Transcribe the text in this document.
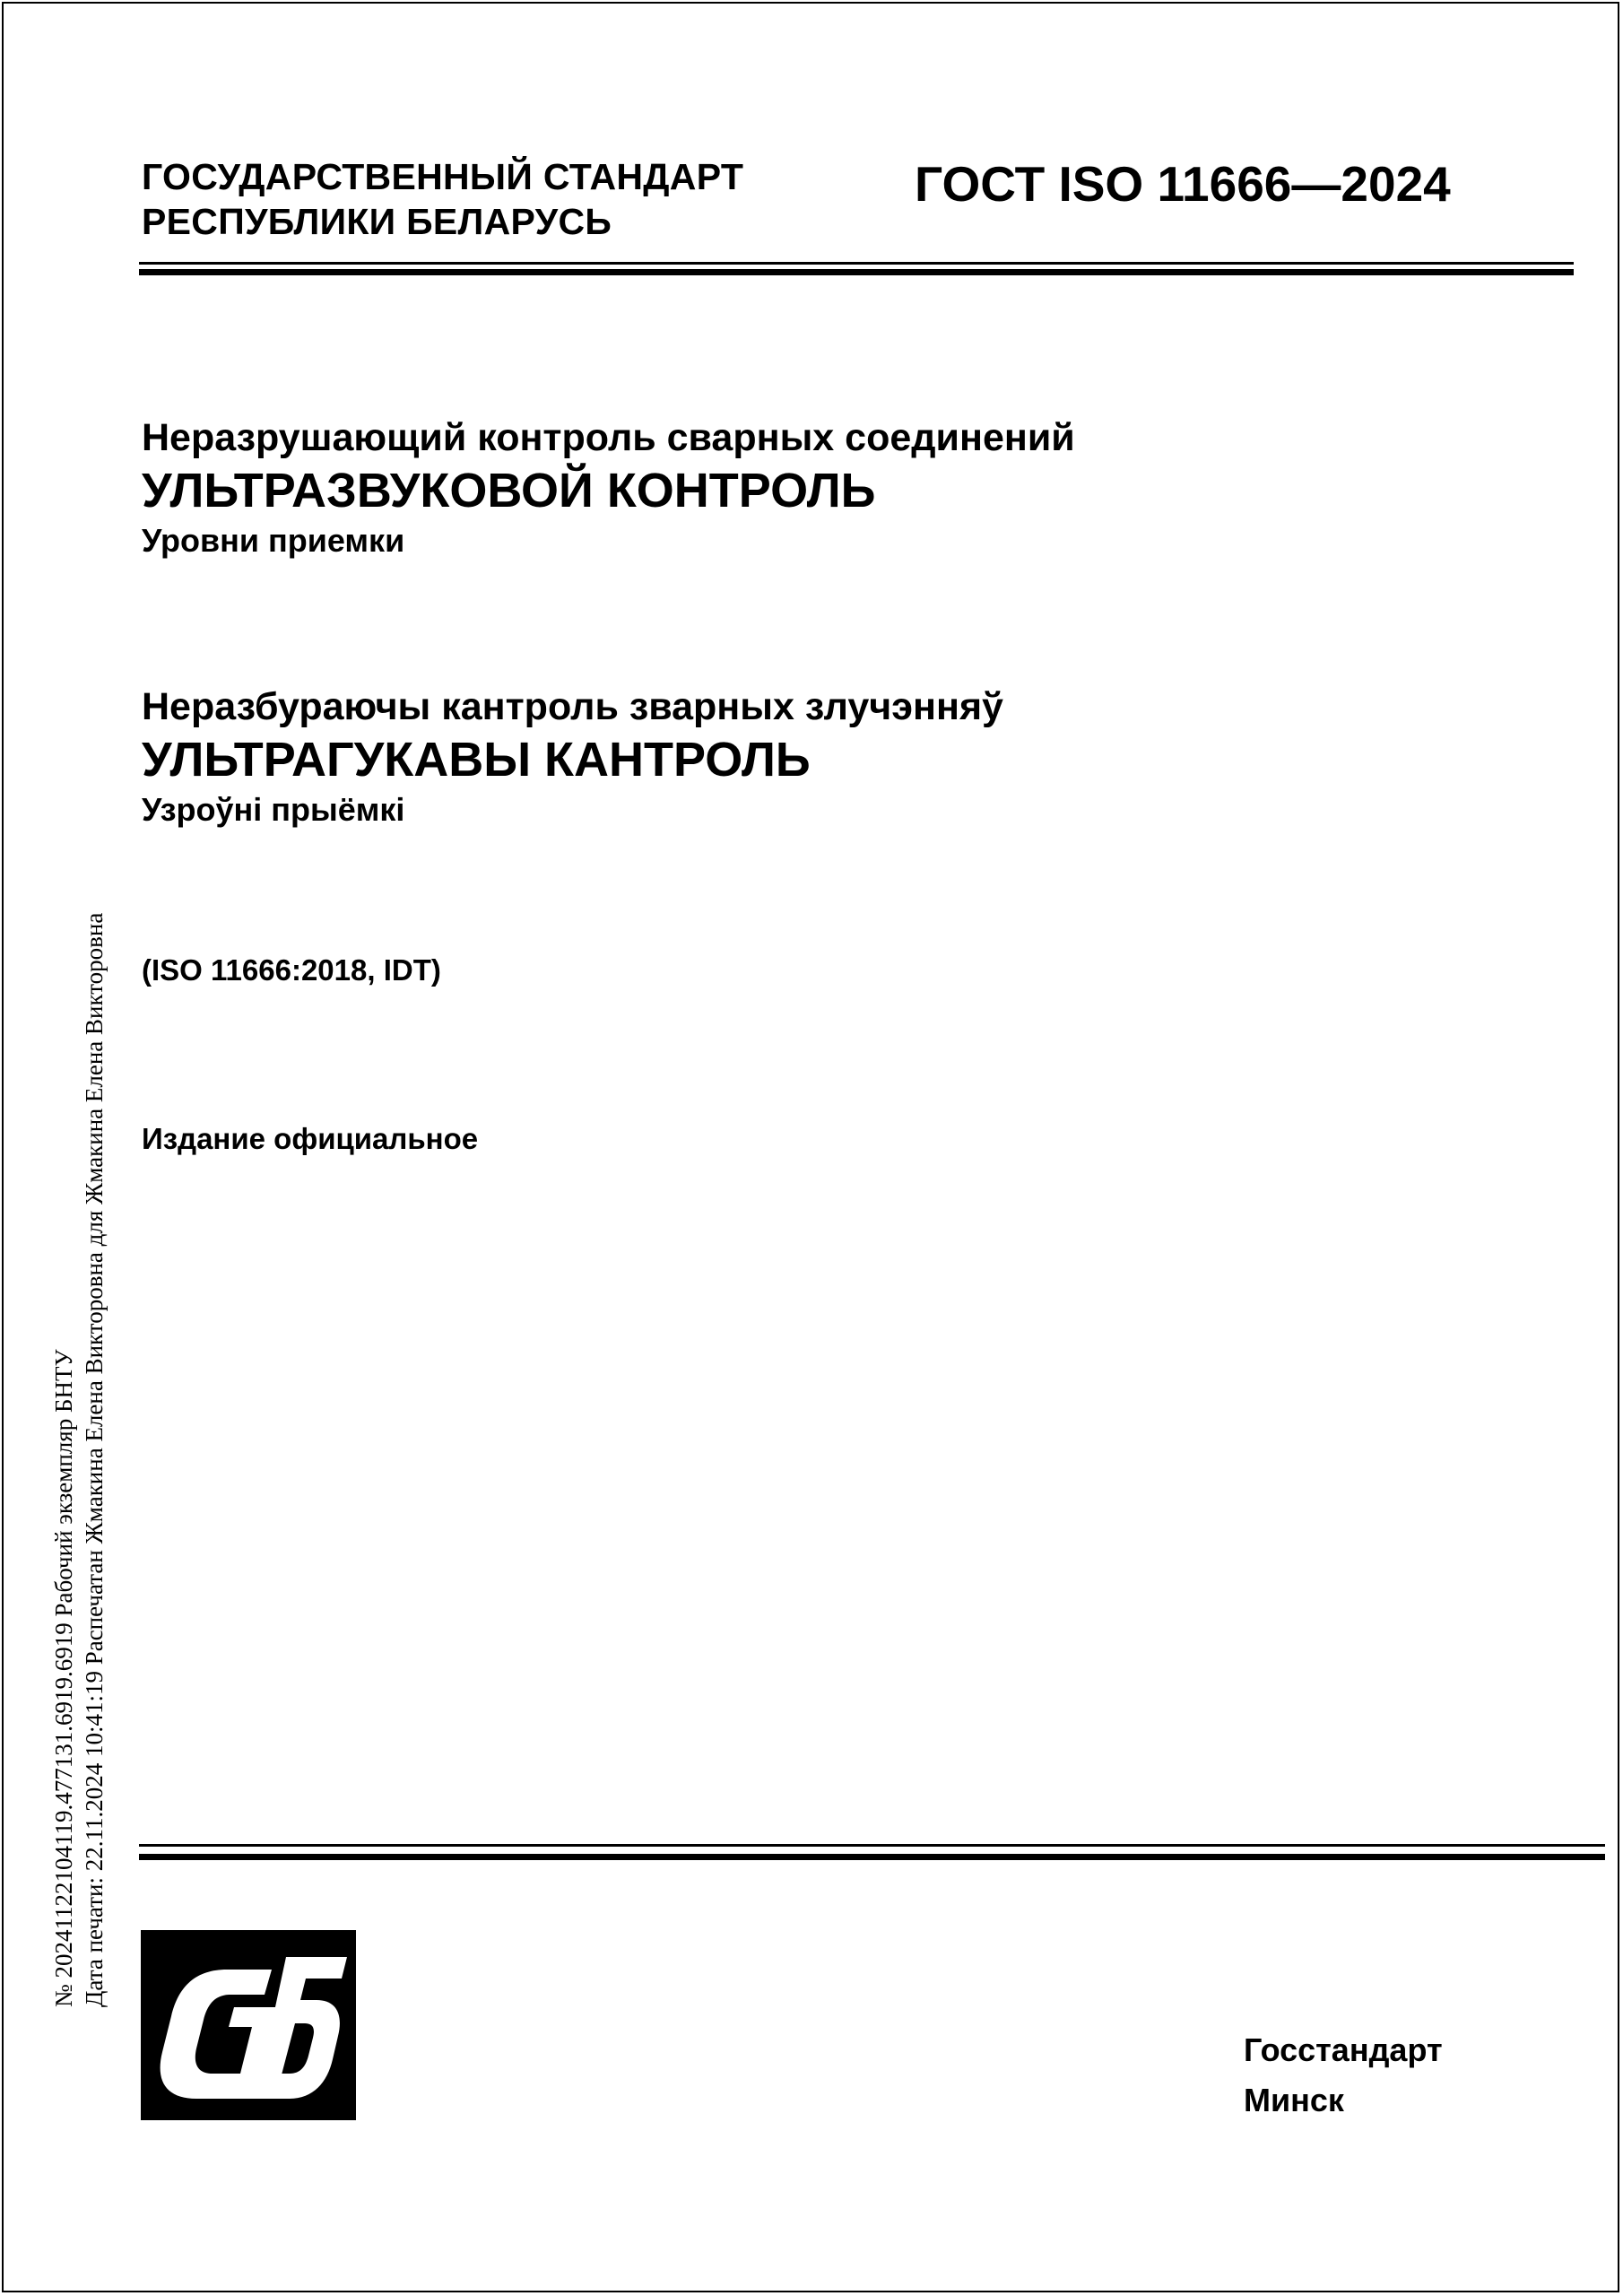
ГОСУДАРСТВЕННЫЙ СТАНДАРТ
РЕСПУБЛИКИ БЕЛАРУСЬ
ГОСТ ISO 11666—2024
Неразрушающий контроль сварных соединений
УЛЬТРАЗВУКОВОЙ КОНТРОЛЬ
Уровни приемки
Неразбураючы кантроль зварных злучэнняў
УЛЬТРАГУКАВЫ КАНТРОЛЬ
Узроўні прыёмкі
(ISO 11666:2018, IDT)
Издание официальное
№ 20241122104119.477131.6919.6919 Рабочий экземпляр БНТУ Дата печати: 22.11.2024 10:41:19 Распечатан Жмакина Елена Викторовна для Жмакина Елена Викторовна
Госстандарт
Минск
